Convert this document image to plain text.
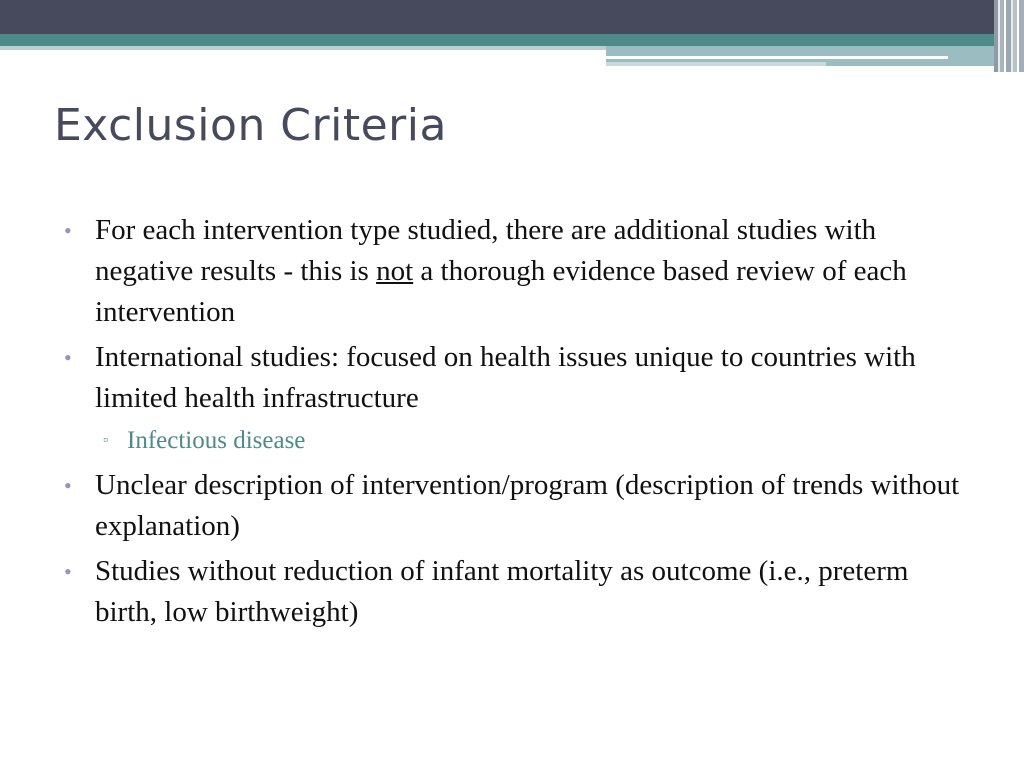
Exclusion Criteria

• For each intervention type studied, there are additional studies with negative results - this is not a thorough evidence based review of each intervention

• International studies: focused on health issues unique to countries with limited health infrastructure

▫ Infectious disease

• Unclear description of intervention/program (description of trends without explanation)

• Studies without reduction of infant mortality as outcome (i.e., preterm birth, low birthweight)
